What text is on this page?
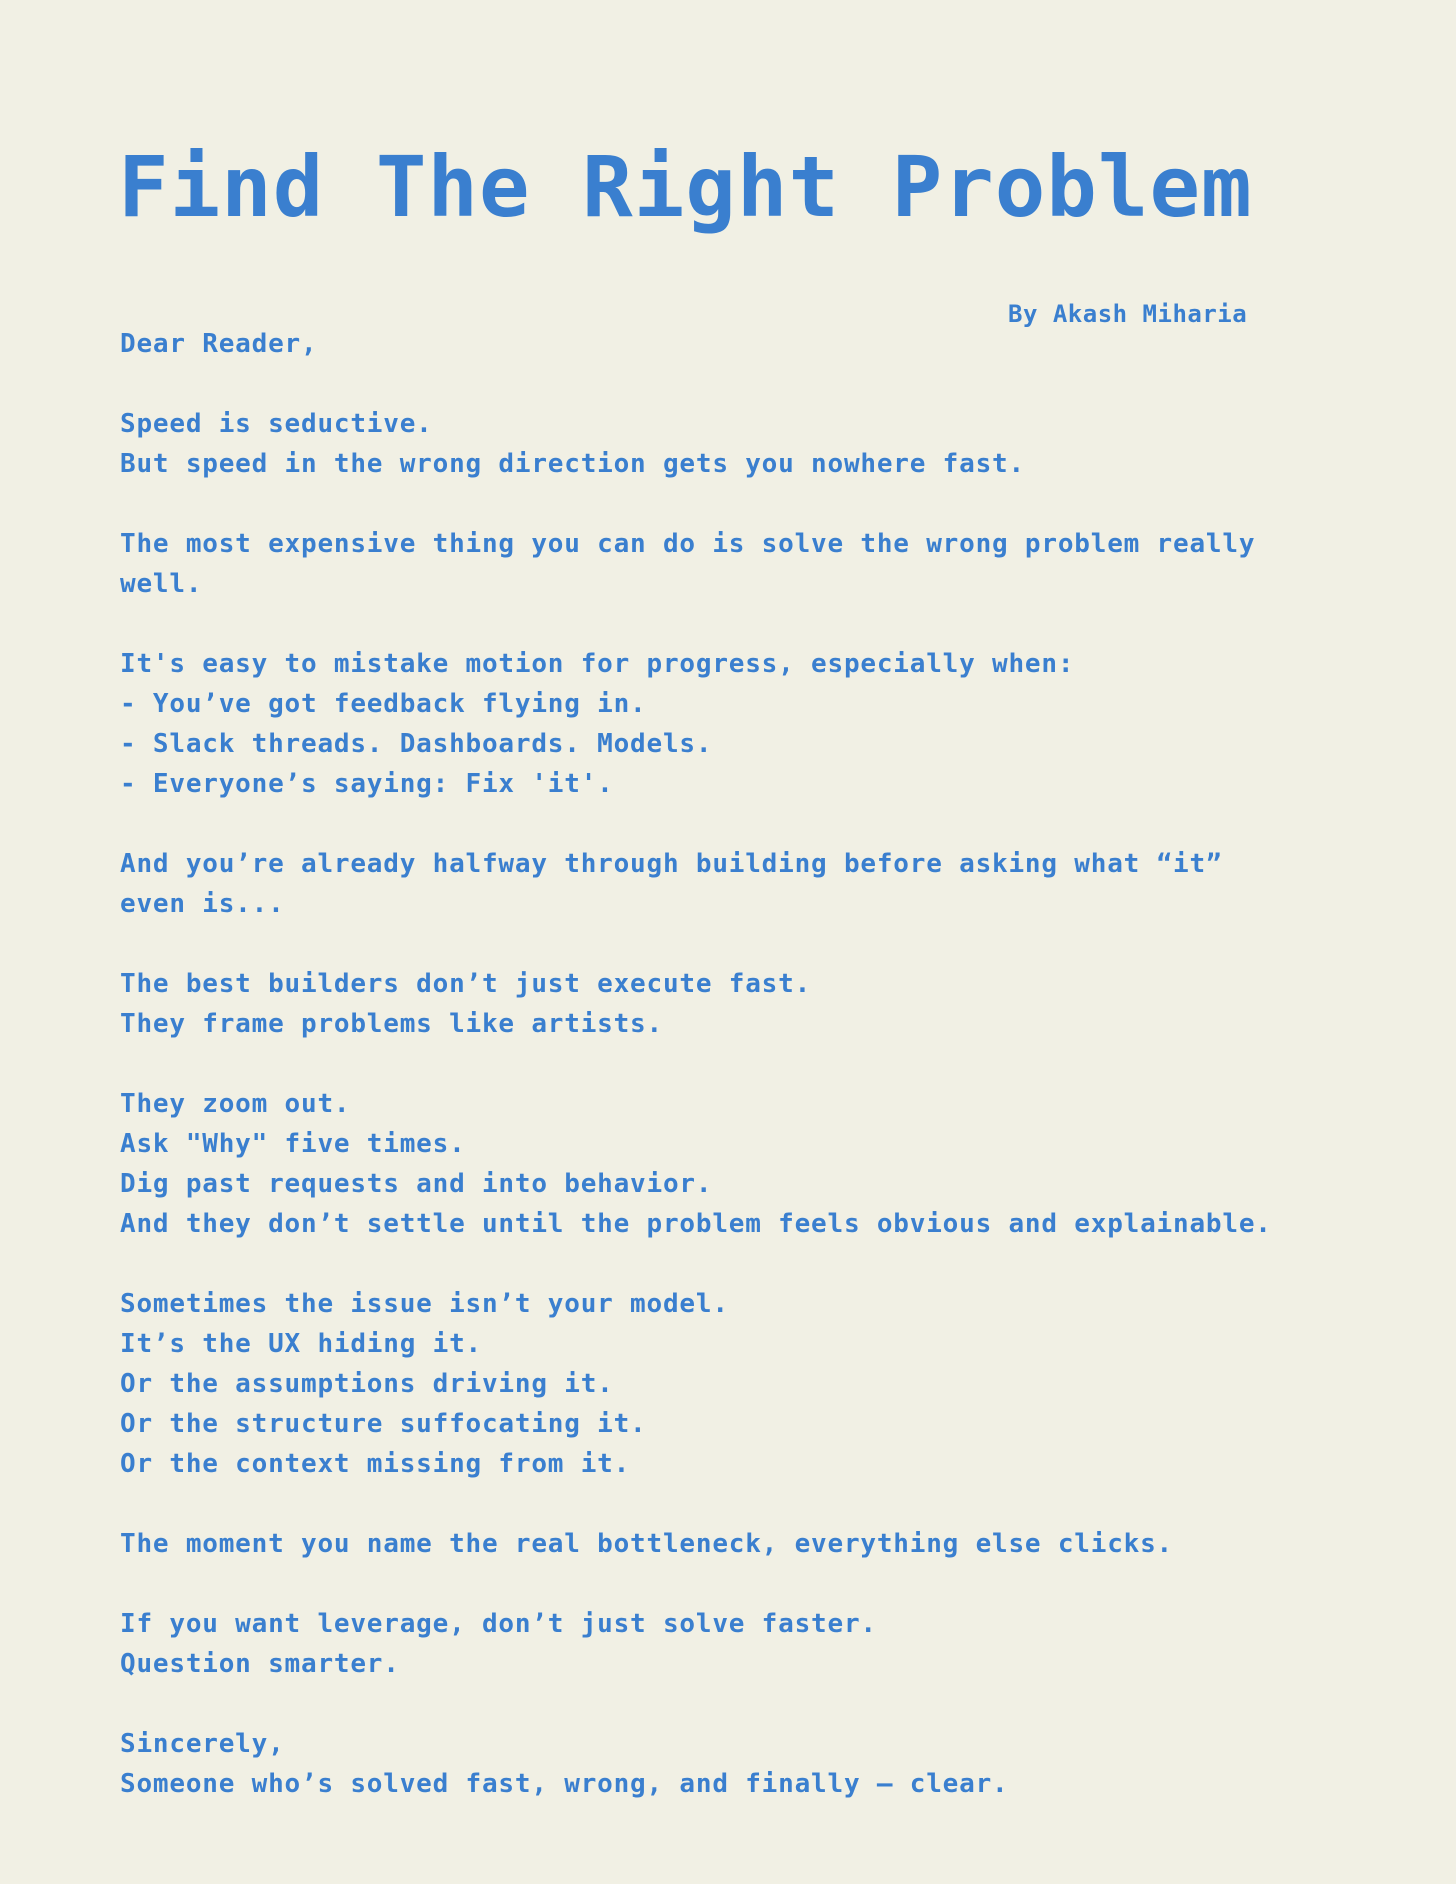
Find The Right Problem
By Akash Miharia
Dear Reader,
Speed is seductive.
But speed in the wrong direction gets you nowhere fast.
The most expensive thing you can do is solve the wrong problem really
well.
It's easy to mistake motion for progress, especially when:
- You’ve got feedback flying in.
- Slack threads. Dashboards. Models.
- Everyone’s saying: Fix 'it'.
And you’re already halfway through building before asking what “it”
even is...
The best builders don’t just execute fast.
They frame problems like artists.
They zoom out.
Ask "Why" five times.
Dig past requests and into behavior.
And they don’t settle until the problem feels obvious and explainable.
Sometimes the issue isn’t your model.
It’s the UX hiding it.
Or the assumptions driving it.
Or the structure suffocating it.
Or the context missing from it.
The moment you name the real bottleneck, everything else clicks.
If you want leverage, don’t just solve faster.
Question smarter.
Sincerely,
Someone who’s solved fast, wrong, and finally — clear.
